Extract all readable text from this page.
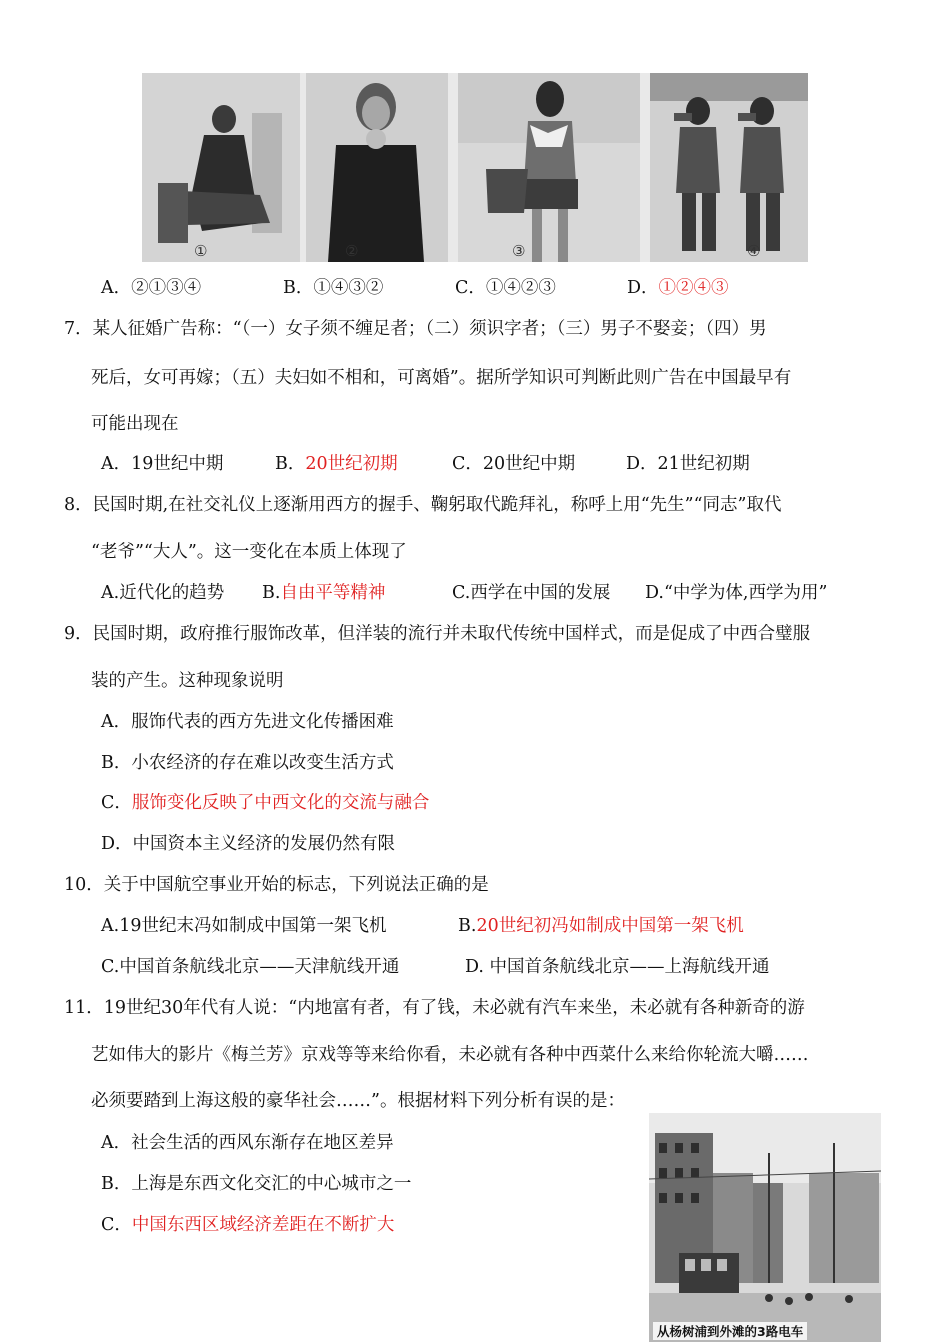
①	②	③	④
A．②①③④	B．①④③②	C．①④②③	D．①②④③
7．某人征婚广告称：“（一）女子须不缠足者；（二）须识字者；（三）男子不娶妾；（四）男
死后，女可再嫁；（五）夫妇如不相和，可离婚”。据所学知识可判断此则广告在中国最早有
可能出现在
A．19世纪中期	B．20世纪初期	C．20世纪中期	D．21世纪初期
8．民国时期,在社交礼仪上逐渐用西方的握手、鞠躬取代跪拜礼，称呼上用“先生”“同志”取代
“老爷”“大人”。这一变化在本质上体现了
A.近代化的趋势 B.自由平等精神	C.西学在中国的发展 D.“中学为体,西学为用”
9．民国时期，政府推行服饰改革，但洋装的流行并未取代传统中国样式，而是促成了中西合璧服
装的产生。这种现象说明
A．服饰代表的西方先进文化传播困难
B．小农经济的存在难以改变生活方式
C．服饰变化反映了中西文化的交流与融合
D．中国资本主义经济的发展仍然有限
10．关于中国航空事业开始的标志，下列说法正确的是
A.19世纪末冯如制成中国第一架飞机	B.20世纪初冯如制成中国第一架飞机
C.中国首条航线北京——天津航线开通	D. 中国首条航线北京——上海航线开通
11．19世纪30年代有人说：“内地富有者，有了钱，未必就有汽车来坐，未必就有各种新奇的游
艺如伟大的影片《梅兰芳》京戏等等来给你看，未必就有各种中西菜什么来给你轮流大嚼……
必须要踏到上海这般的豪华社会……”。根据材料下列分析有误的是：
A．社会生活的西风东渐存在地区差异
B．上海是东西文化交汇的中心城市之一
C．中国东西区域经济差距在不断扩大
从杨树浦到外滩的3路电车
